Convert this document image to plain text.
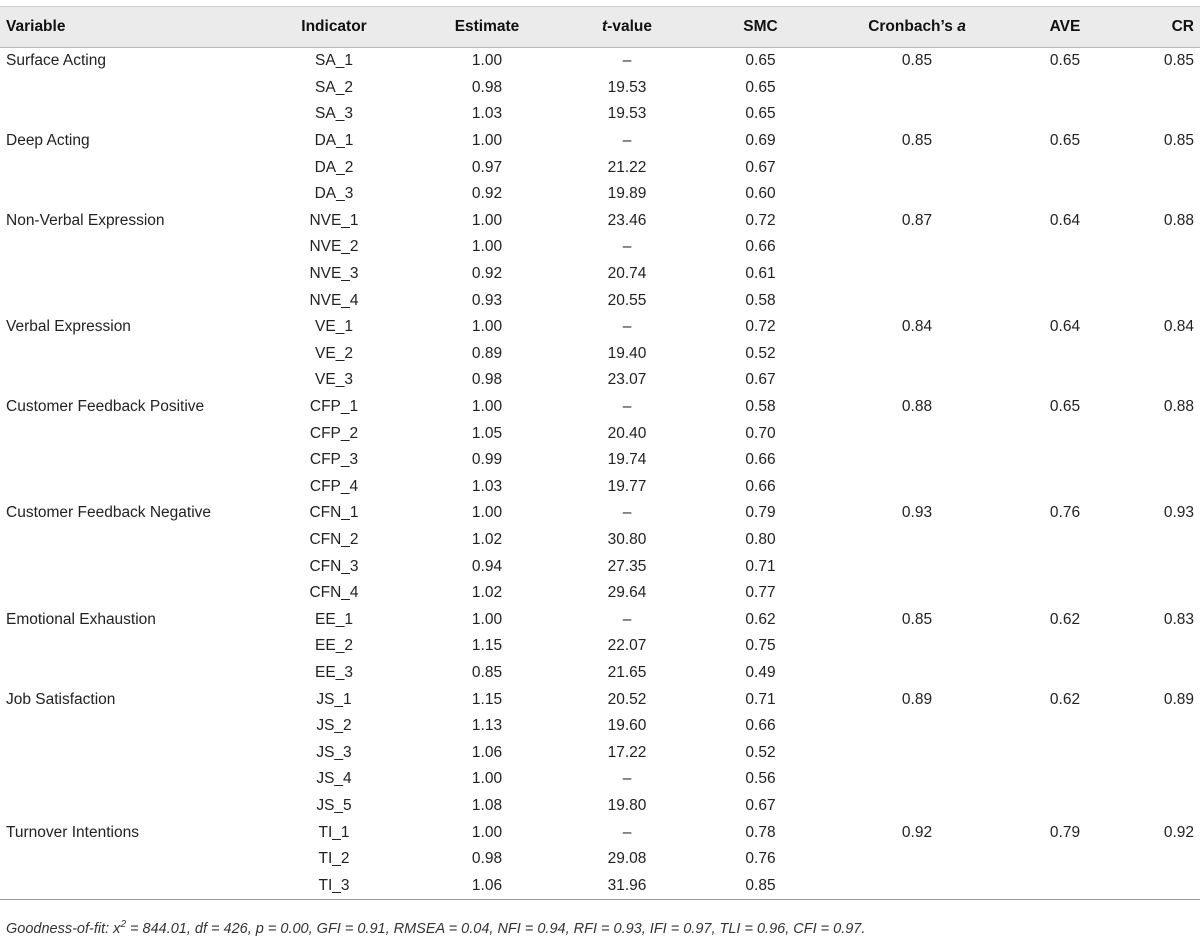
Variable	Indicator	Estimate	t-value	SMC	Cronbach’s a	AVE	CR
Surface Acting	SA_1	1.00	–	0.65	0.85	0.65	0.85
	SA_2	0.98	19.53	0.65			
	SA_3	1.03	19.53	0.65			
Deep Acting	DA_1	1.00	–	0.69	0.85	0.65	0.85
	DA_2	0.97	21.22	0.67			
	DA_3	0.92	19.89	0.60			
Non-Verbal Expression	NVE_1	1.00	23.46	0.72	0.87	0.64	0.88
	NVE_2	1.00	–	0.66			
	NVE_3	0.92	20.74	0.61			
	NVE_4	0.93	20.55	0.58			
Verbal Expression	VE_1	1.00	–	0.72	0.84	0.64	0.84
	VE_2	0.89	19.40	0.52			
	VE_3	0.98	23.07	0.67			
Customer Feedback Positive	CFP_1	1.00	–	0.58	0.88	0.65	0.88
	CFP_2	1.05	20.40	0.70			
	CFP_3	0.99	19.74	0.66			
	CFP_4	1.03	19.77	0.66			
Customer Feedback Negative	CFN_1	1.00	–	0.79	0.93	0.76	0.93
	CFN_2	1.02	30.80	0.80			
	CFN_3	0.94	27.35	0.71			
	CFN_4	1.02	29.64	0.77			
Emotional Exhaustion	EE_1	1.00	–	0.62	0.85	0.62	0.83
	EE_2	1.15	22.07	0.75			
	EE_3	0.85	21.65	0.49			
Job Satisfaction	JS_1	1.15	20.52	0.71	0.89	0.62	0.89
	JS_2	1.13	19.60	0.66			
	JS_3	1.06	17.22	0.52			
	JS_4	1.00	–	0.56			
	JS_5	1.08	19.80	0.67			
Turnover Intentions	TI_1	1.00	–	0.78	0.92	0.79	0.92
	TI_2	0.98	29.08	0.76			
	TI_3	1.06	31.96	0.85			
Goodness-of-fit: $x^2 = 844.01$, df = 426, p = 0.00, GFI = 0.91, RMSEA = 0.04, NFI = 0.94, RFI = 0.93, IFI = 0.97, TLI = 0.96, CFI = 0.97.
